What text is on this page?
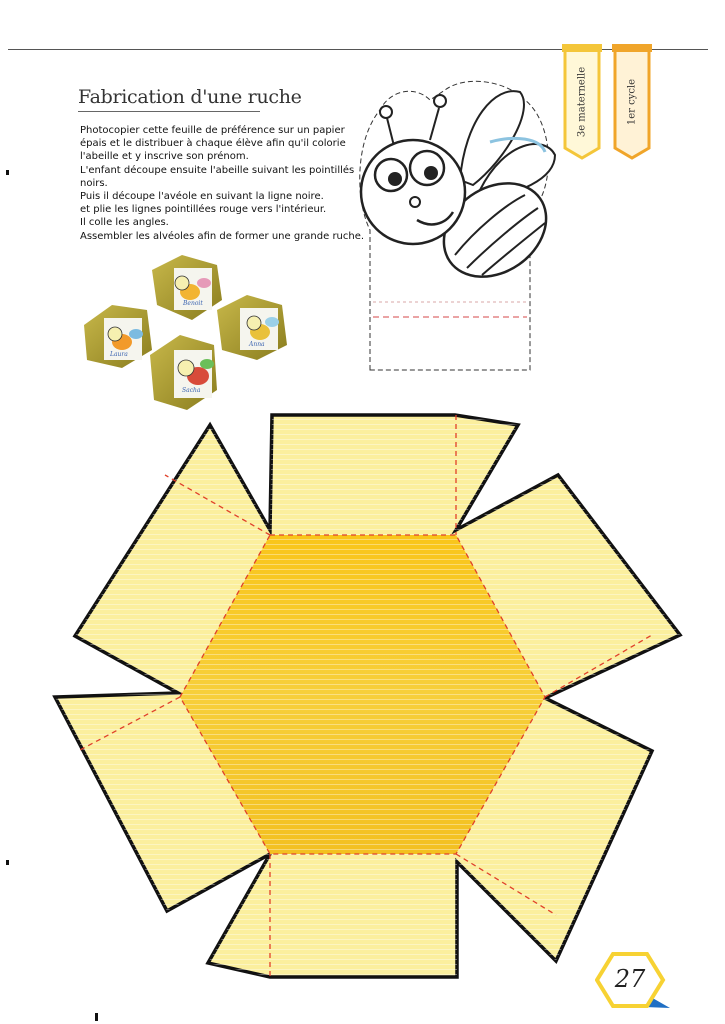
Fabrication d'une ruche
Photocopier cette feuille de préférence sur un papier
épais et le distribuer à chaque élève afin qu'il colorie
l'abeille et y inscrive son prénom.
L'enfant découpe ensuite l'abeille suivant les pointillés
noirs.
Puis il découpe l'avéole en suivant la ligne noire.
et plie les lignes pointillées rouge vers l'intérieur.
Il colle les angles.
Assembler les alvéoles afin de former une grande ruche.
3e maternelle	1er cycle
Benoit
Laura
Sacha
Anna
27
